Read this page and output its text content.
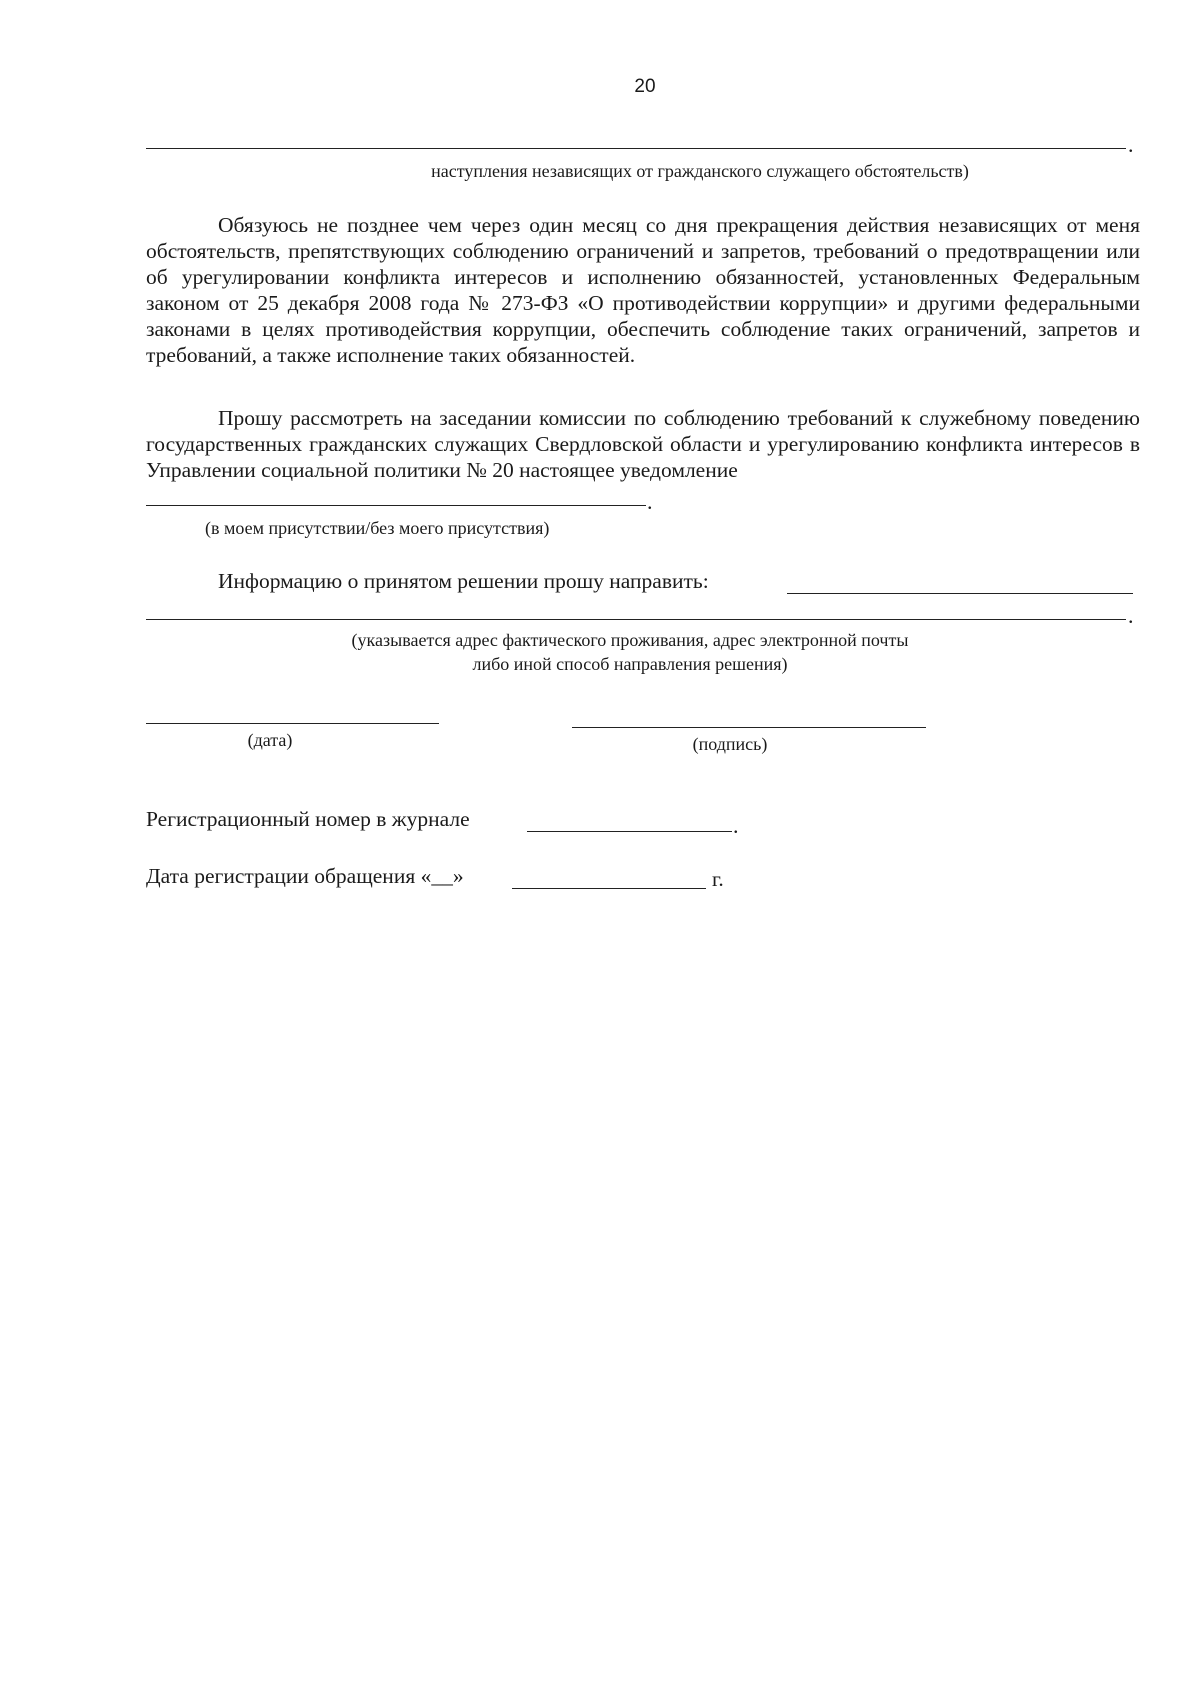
20
.
наступления независящих от гражданского служащего обстоятельств)

Обязуюсь не позднее чем через один месяц со дня прекращения действия независящих от меня обстоятельств, препятствующих соблюдению ограничений и запретов, требований о предотвращении или об урегулировании конфликта интересов и исполнению обязанностей, установленных Федеральным законом от 25 декабря 2008 года № 273-ФЗ «О противодействии коррупции» и другими федеральными законами в целях противодействия коррупции, обеспечить соблюдение таких ограничений, запретов и требований, а также исполнение таких обязанностей.

Прошу рассмотреть на заседании комиссии по соблюдению требований к служебному поведению государственных гражданских служащих Свердловской области и урегулированию конфликта интересов в Управлении социальной политики № 20 настоящее уведомление

.
(в моем присутствии/без моего присутствия)
Информацию о принятом решении прошу направить:
.
(указывается адрес фактического проживания, адрес электронной почты
либо иной способ направления решения)
(дата)	(подпись)
Регистрационный номер в журнале	.
Дата регистрации обращения «__»	г.
